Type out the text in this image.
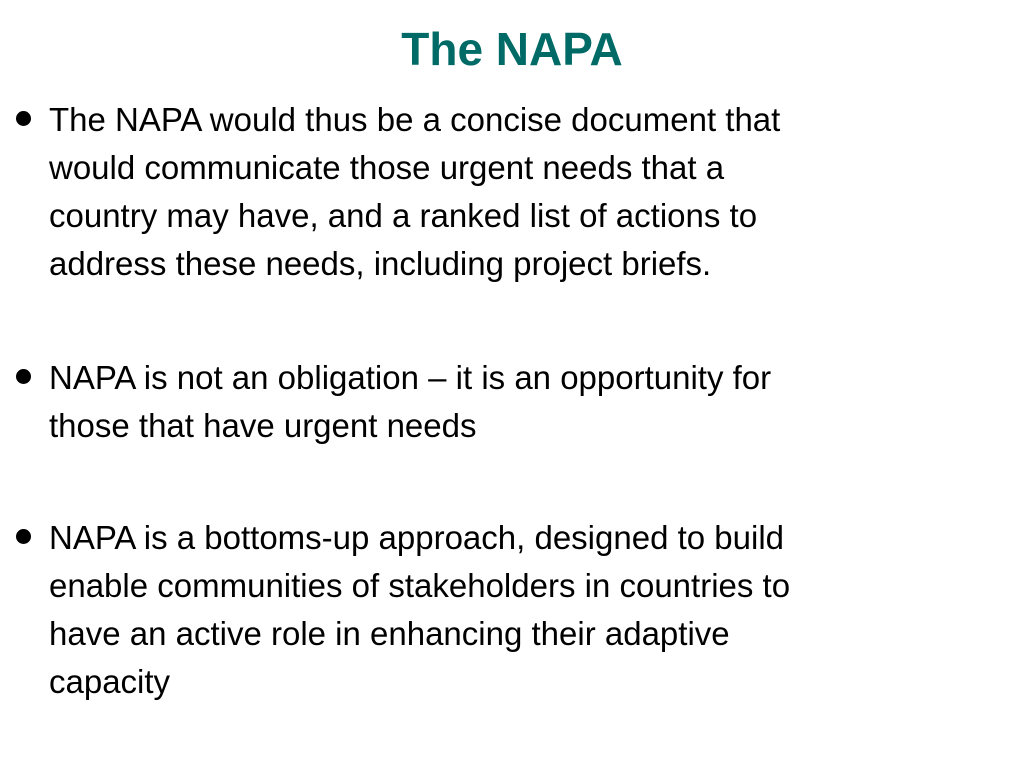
The NAPA
The NAPA would thus be a concise document that
would communicate those urgent needs that a
country may have, and a ranked list of actions to
address these needs, including project briefs.
NAPA is not an obligation – it is an opportunity for
those that have urgent needs
NAPA is a bottoms-up approach, designed to build
enable communities of stakeholders in countries to
have an active role in enhancing their adaptive
capacity
